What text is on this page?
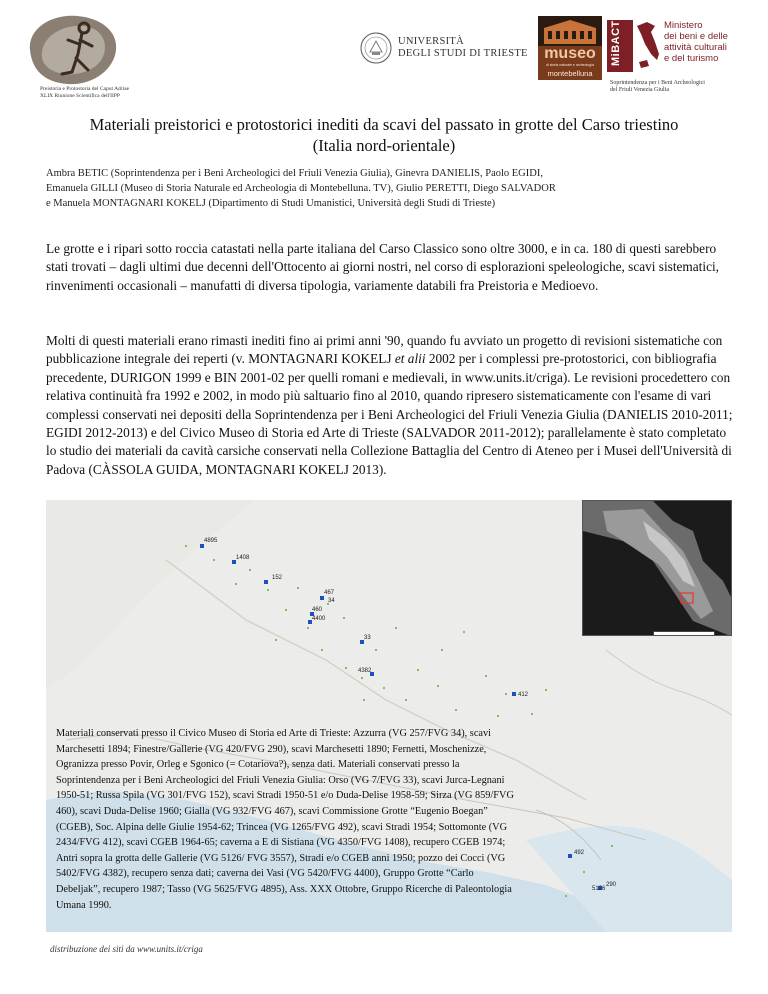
Preistoria e Protostoria del Caput Adriae
XLIX Riunione Scientifica dell'IIPP
UNIVERSITÀ
DEGLI STUDI DI TRIESTE	museo
di storia naturale e archeologia
montebelluna
MiBACT	Ministero
dei beni e delle
attività culturali
e del turismo
Soprintendenza per i Beni Archeologici
del Friuli Venezia Giulia
Materiali preistorici e protostorici inediti da scavi del passato in grotte del Carso triestino
(Italia nord-orientale)
Ambra BETIC (Soprintendenza per i Beni Archeologici del Friuli Venezia Giulia), Ginevra DANIELIS, Paolo EGIDI,
Emanuela GILLI (Museo di Storia Naturale ed Archeologia di Montebelluna. TV), Giulio PERETTI, Diego SALVADOR
e Manuela MONTAGNARI KOKELJ (Dipartimento di Studi Umanistici, Università degli Studi di Trieste)

Le grotte e i ripari sotto roccia catastati nella parte italiana del Carso Classico sono oltre 3000, e in ca. 180 di questi sarebbero stati trovati – dagli ultimi due decenni dell'Ottocento ai giorni nostri, nel corso di esplorazioni speleologiche, scavi sistematici, rinvenimenti occasionali – manufatti di diversa tipologia, variamente databili fra Preistoria e Medioevo.

Molti di questi materiali erano rimasti inediti fino ai primi anni '90, quando fu avviato un progetto di revisioni sistematiche con pubblicazione integrale dei reperti (v. MONTAGNARI KOKELJ et alii 2002 per i complessi pre-protostorici, con bibliografia precedente, DURIGON 1999 e BIN 2001-02 per quelli romani e medievali, in www.units.it/criga). Le revisioni procedettero con relativa continuità fra 1992 e 2002, in modo più saltuario fino al 2010, quando ripresero sistematicamente con l'esame di vari complessi conservati nei depositi della Soprintendenza per i Beni Archeologici del Friuli Venezia Giulia (DANIELIS 2010-2011; EGIDI 2012-2013) e del Civico Museo di Storia ed Arte di Trieste (SALVADOR 2011-2012); parallelamente è stato completato lo studio dei materiali da cavità carsiche conservati nella Collezione Battaglia del Centro di Ateneo per i Musei dell'Università di Padova (CÀSSOLA GUIDA, MONTAGNARI KOKELJ 2013).

4895
1408
152
467
34
460
4400
33
4382
412
492
290
5126
Materiali conservati presso il Civico Museo di Storia ed Arte di Trieste: Azzurra (VG 257/FVG 34), scavi Marchesetti 1894; Finestre/Gallerie (VG 420/FVG 290), scavi Marchesetti 1890; Fernetti, Moschenizze, Ogranizza presso Povir, Orleg e Sgonico (= Cotariova?), senza dati. Materiali conservati presso la Soprintendenza per i Beni Archeologici del Friuli Venezia Giulia: Orso (VG 7/FVG 33), scavi Jurca-Legnani 1950-51; Russa Spila (VG 301/FVG 152), scavi Stradi 1950-51 e/o Duda-Delise 1958-59; Sirza (VG 859/FVG 460), scavi Duda-Delise 1960; Gialla (VG 932/FVG 467), scavi Commissione Grotte “Eugenio Boegan” (CGEB), Soc. Alpina delle Giulie 1954-62; Trincea (VG 1265/FVG 492), scavi Stradi 1954; Sottomonte (VG 2434/FVG 412), scavi CGEB 1964-65; caverna a E di Sistiana (VG 4350/FVG 1408), recupero CGEB 1974; Antri sopra la grotta delle Gallerie (VG 5126/ FVG 3557), Stradi e/o CGEB anni 1950; pozzo dei Cocci (VG 5402/FVG 4382), recupero senza dati; caverna dei Vasi (VG 5420/FVG 4400), Gruppo Grotte “Carlo Debeljak”, recupero 1987; Tasso (VG 5625/FVG 4895), Ass. XXX Ottobre, Gruppo Ricerche di Paleontologia Umana 1990.
distribuzione dei siti da www.units.it/criga
